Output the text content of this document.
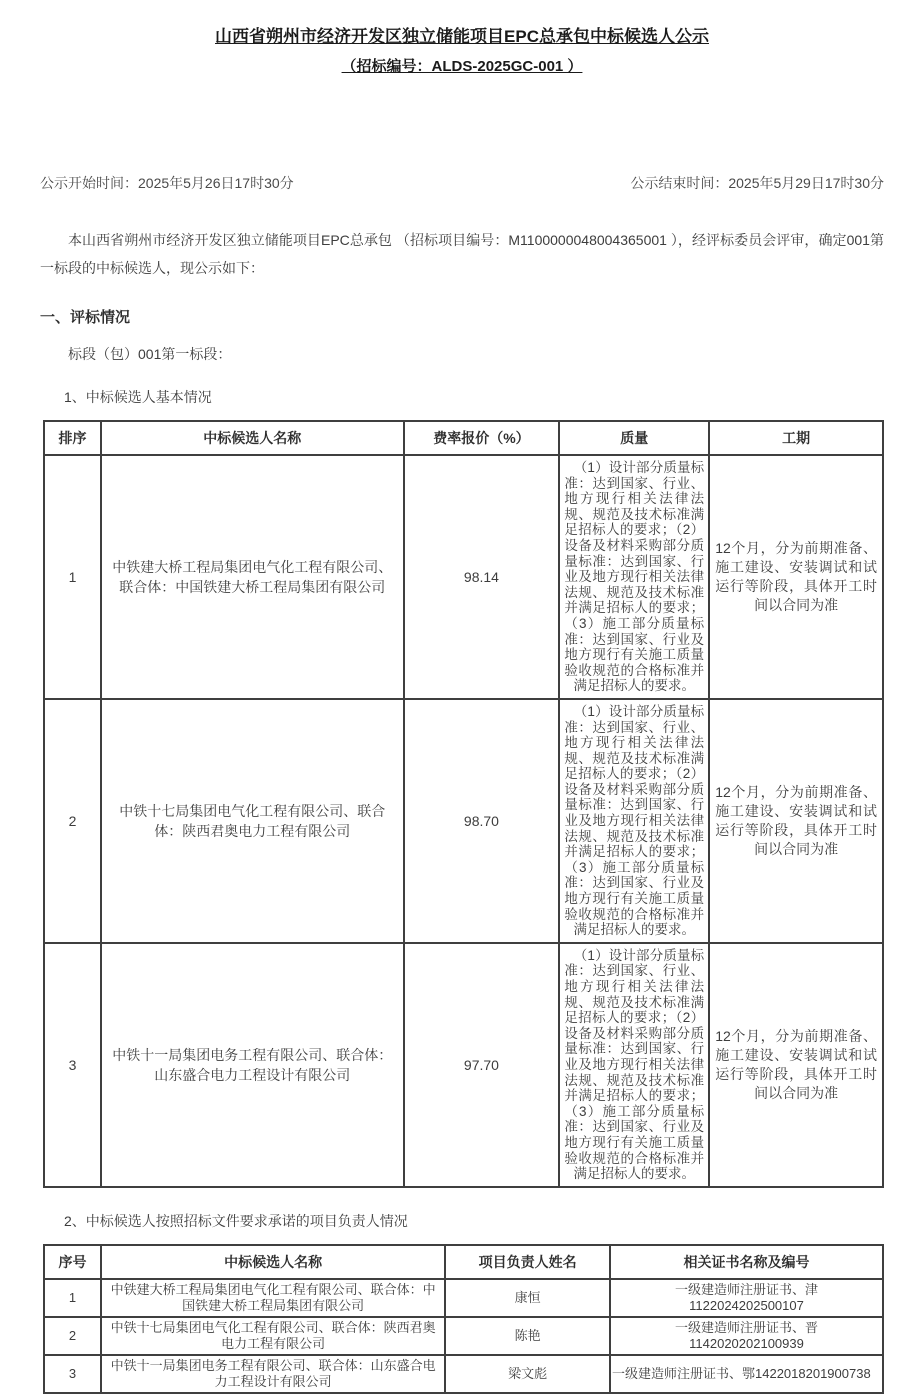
山西省朔州市经济开发区独立储能项目EPC总承包中标候选人公示
（招标编号：ALDS-2025GC-001 ）
公示开始时间：2025年5月26日17时30分	公示结束时间：2025年5月29日17时30分

本山西省朔州市经济开发区独立储能项目EPC总承包 （招标项目编号：M1100000048004365001 ），经评标委员会评审，确定001第一标段的中标候选人，现公示如下：

一、评标情况
标段（包）001第一标段：
1、中标候选人基本情况
排序	中标候选人名称	费率报价（%）	质量	工期
1	中铁建大桥工程局集团电气化工程有限公司、联合体：中国铁建大桥工程局集团有限公司	98.14	（1）设计部分质量标准：达到国家、行业、地方现行相关法律法规、规范及技术标准满足招标人的要求；（2）设备及材料采购部分质量标准：达到国家、行业及地方现行相关法律法规、规范及技术标准并满足招标人的要求；（3）施工部分质量标准：达到国家、行业及地方现行有关施工质量验收规范的合格标准并满足招标人的要求。	12个月，分为前期准备、施工建设、安装调试和试运行等阶段，具体开工时间以合同为准
2	中铁十七局集团电气化工程有限公司、联合体：陕西君奥电力工程有限公司	98.70	（1）设计部分质量标准：达到国家、行业、地方现行相关法律法规、规范及技术标准满足招标人的要求；（2）设备及材料采购部分质量标准：达到国家、行业及地方现行相关法律法规、规范及技术标准并满足招标人的要求；（3）施工部分质量标准：达到国家、行业及地方现行有关施工质量验收规范的合格标准并满足招标人的要求。	12个月，分为前期准备、施工建设、安装调试和试运行等阶段，具体开工时间以合同为准
3	中铁十一局集团电务工程有限公司、联合体：山东盛合电力工程设计有限公司	97.70	（1）设计部分质量标准：达到国家、行业、地方现行相关法律法规、规范及技术标准满足招标人的要求；（2）设备及材料采购部分质量标准：达到国家、行业及地方现行相关法律法规、规范及技术标准并满足招标人的要求；（3）施工部分质量标准：达到国家、行业及地方现行有关施工质量验收规范的合格标准并满足招标人的要求。	12个月，分为前期准备、施工建设、安装调试和试运行等阶段，具体开工时间以合同为准
2、中标候选人按照招标文件要求承诺的项目负责人情况
序号	中标候选人名称	项目负责人姓名	相关证书名称及编号
1	中铁建大桥工程局集团电气化工程有限公司、联合体：中国铁建大桥工程局集团有限公司	康恒	一级建造师注册证书、津
1122024202500107

2	中铁十七局集团电气化工程有限公司、联合体：陕西君奥电力工程有限公司	陈艳	一级建造师注册证书、晋
1142020202100939

3	中铁十一局集团电务工程有限公司、联合体：山东盛合电力工程设计有限公司	梁文彪	一级建造师注册证书、鄂1422018201900738
